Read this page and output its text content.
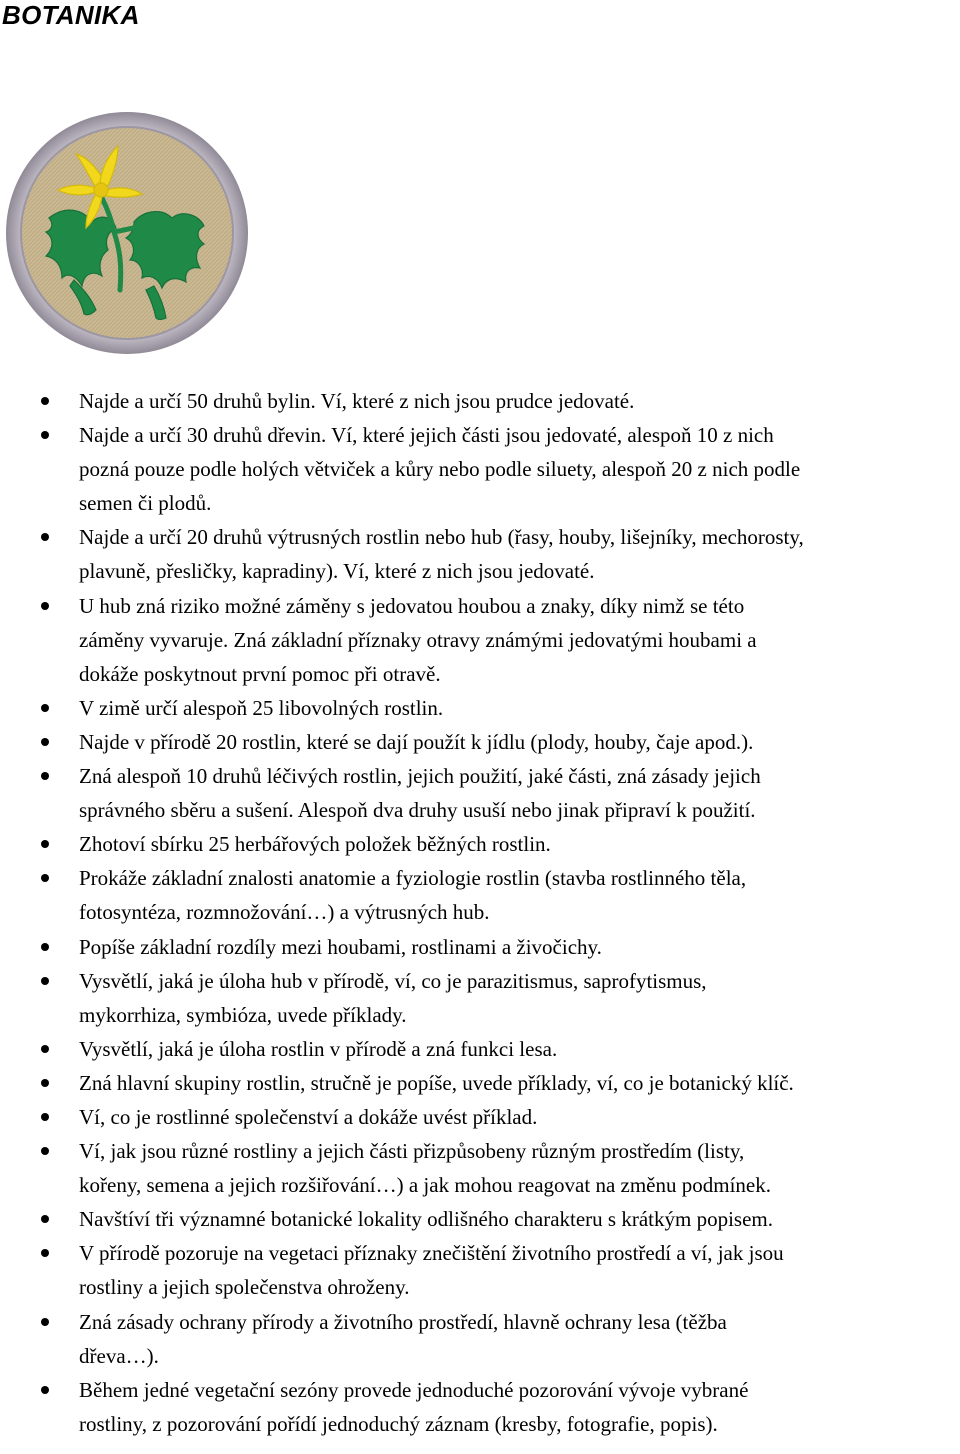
BOTANIKA
Najde a určí 50 druhů bylin. Ví, které z nich jsou prudce jedovaté.
Najde a určí 30 druhů dřevin. Ví, které jejich části jsou jedovaté, alespoň 10 z nich
pozná pouze podle holých větviček a kůry nebo podle siluety, alespoň 20 z nich podle
semen či plodů.
Najde a určí 20 druhů výtrusných rostlin nebo hub (řasy, houby, lišejníky, mechorosty,
plavuně, přesličky, kapradiny). Ví, které z nich jsou jedovaté.
U hub zná riziko možné záměny s jedovatou houbou a znaky, díky nimž se této
záměny vyvaruje. Zná základní příznaky otravy známými jedovatými houbami a
dokáže poskytnout první pomoc při otravě.
V zimě určí alespoň 25 libovolných rostlin.
Najde v přírodě 20 rostlin, které se dají použít k jídlu (plody, houby, čaje apod.).
Zná alespoň 10 druhů léčivých rostlin, jejich použití, jaké části, zná zásady jejich
správného sběru a sušení. Alespoň dva druhy usuší nebo jinak připraví k použití.
Zhotoví sbírku 25 herbářových položek běžných rostlin.
Prokáže základní znalosti anatomie a fyziologie rostlin (stavba rostlinného těla,
fotosyntéza, rozmnožování…) a výtrusných hub.
Popíše základní rozdíly mezi houbami, rostlinami a živočichy.
Vysvětlí, jaká je úloha hub v přírodě, ví, co je parazitismus, saprofytismus,
mykorrhiza, symbióza, uvede příklady.
Vysvětlí, jaká je úloha rostlin v přírodě a zná funkci lesa.
Zná hlavní skupiny rostlin, stručně je popíše, uvede příklady, ví, co je botanický klíč.
Ví, co je rostlinné společenství a dokáže uvést příklad.
Ví, jak jsou různé rostliny a jejich části přizpůsobeny různým prostředím (listy,
kořeny, semena a jejich rozšiřování…) a jak mohou reagovat na změnu podmínek.
Navštíví tři významné botanické lokality odlišného charakteru s krátkým popisem.
V přírodě pozoruje na vegetaci příznaky znečištění životního prostředí a ví, jak jsou
rostliny a jejich společenstva ohroženy.
Zná zásady ochrany přírody a životního prostředí, hlavně ochrany lesa (těžba
dřeva…).
Během jedné vegetační sezóny provede jednoduché pozorování vývoje vybrané
rostliny, z pozorování pořídí jednoduchý záznam (kresby, fotografie, popis).
